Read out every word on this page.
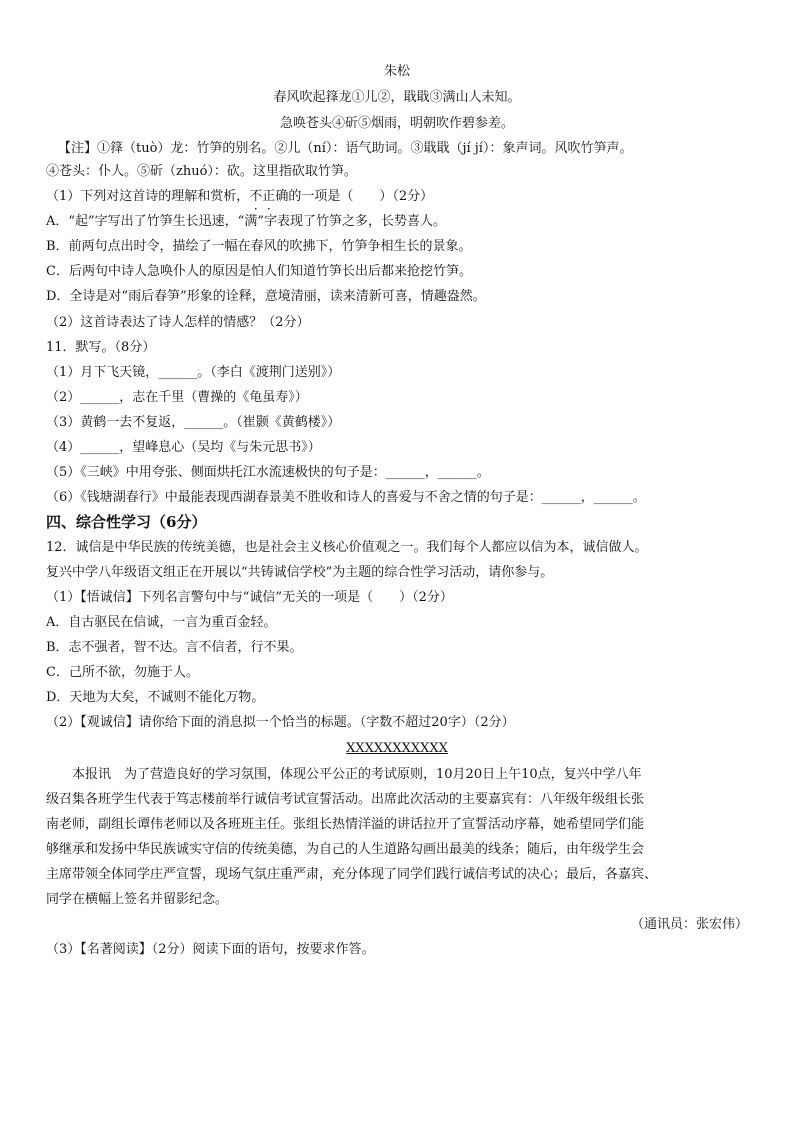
朱松
春风吹起箨龙①儿②，戢戢③满山人未知。
急唤苍头④斫⑤烟雨，明朝吹作碧参差。
【注】①箨（tuò）龙：竹笋的别名。②儿（ní）：语气助词。③戢戢（jí jí）：象声词。风吹竹笋声。
④苍头：仆人。⑤斫（zhuó）：砍。这里指砍取竹笋。
（1）下列对这首诗的理解和赏析，不正确的一项是（　　）（2分）
A．“起”字写出了竹笋生长迅速，“满”字表现了竹笋之多，长势喜人。
B．前两句点出时令，描绘了一幅在春风的吹拂下，竹笋争相生长的景象。
C．后两句中诗人急唤仆人的原因是怕人们知道竹笋长出后都来抢挖竹笋。
D．全诗是对“雨后春笋”形象的诠释，意境清丽，读来清新可喜，情趣盎然。
（2）这首诗表达了诗人怎样的情感？（2分）
11．默写。（8分）
（1）月下飞天镜，______。（李白《渡荆门送别》）
（2）______，志在千里（曹操的《龟虽寿》）
（3）黄鹤一去不复返，______。（崔颢《黄鹤楼》）
（4）______，望峰息心（吴均《与朱元思书》）
（5）《三峡》中用夸张、侧面烘托江水流速极快的句子是：______，______。
（6）《钱塘湖春行》中最能表现西湖春景美不胜收和诗人的喜爱与不舍之情的句子是：______，______。
四、综合性学习（6分）
12．诚信是中华民族的传统美德，也是社会主义核心价值观之一。我们每个人都应以信为本，诚信做人。
复兴中学八年级语文组正在开展以“共铸诚信学校”为主题的综合性学习活动，请你参与。
（1）【悟诚信】下列名言警句中与“诚信”无关的一项是（　　）（2分）
A．自古驱民在信诚，一言为重百金轻。
B．志不强者，智不达。言不信者，行不果。
C．己所不欲，勿施于人。
D．天地为大矣，不诚则不能化万物。
（2）【观诚信】请你给下面的消息拟一个恰当的标题。（字数不超过20字）（2分）
XXXXXXXXXXX
　　本报讯　为了营造良好的学习氛围，体现公平公正的考试原则，10月20日上午10点，复兴中学八年
级召集各班学生代表于笃志楼前举行诚信考试宣誓活动。出席此次活动的主要嘉宾有：八年级年级组长张
南老师，副组长谭伟老师以及各班班主任。张组长热情洋溢的讲话拉开了宣誓活动序幕，她希望同学们能
够继承和发扬中华民族诚实守信的传统美德，为自己的人生道路勾画出最美的线条；随后，由年级学生会
主席带领全体同学庄严宣誓，现场气氛庄重严肃，充分体现了同学们践行诚信考试的决心；最后，各嘉宾、
同学在横幅上签名并留影纪念。
（通讯员：张宏伟）
（3）【名著阅读】（2分）阅读下面的语句，按要求作答。
